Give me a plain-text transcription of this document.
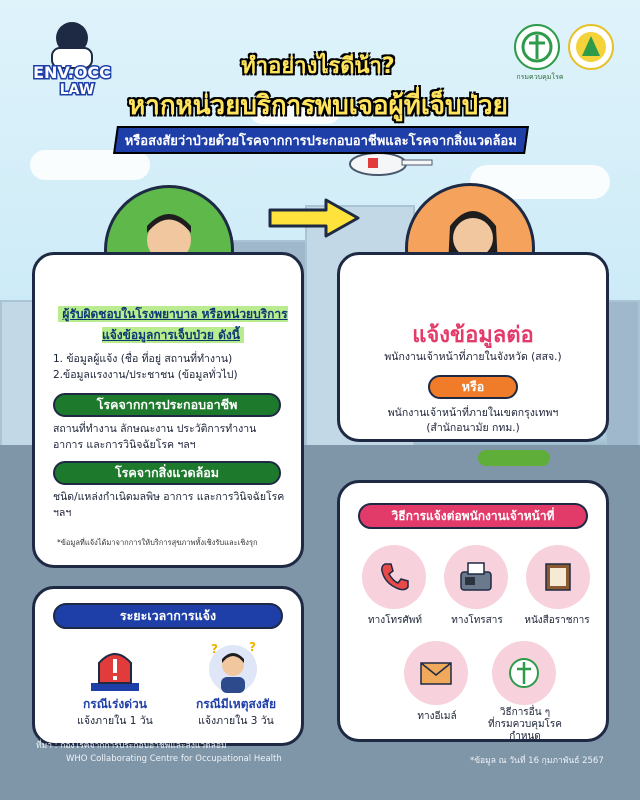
ENV.OCC
LAW
ทำอย่างไรดีน้า?
หากหน่วยบริการพบเจอผู้ที่เจ็บป่วย
หรือสงสัยว่าป่วยด้วยโรคจากการประกอบอาชีพและโรคจากสิ่งแวดล้อม
กรมควบคุมโรค
ผู้รับผิดชอบในโรงพยาบาล หรือหน่วยบริการ แจ้งข้อมูลการเจ็บป่วย ดังนี้
1. ข้อมูลผู้แจ้ง (ชื่อ ที่อยู่ สถานที่ทำงาน)
2.ข้อมูลแรงงาน/ประชาชน (ข้อมูลทั่วไป)
โรคจากการประกอบอาชีพ
สถานที่ทำงาน ลักษณะงาน ประวัติการทำงาน อาการ และการวินิจฉัยโรค ฯลฯ
โรคจากสิ่งแวดล้อม
ชนิด/แหล่งกำเนิดมลพิษ อาการ และการวินิจฉัยโรค ฯลฯ
*ข้อมูลที่แจ้งได้มาจากการให้บริการสุขภาพทั้งเชิงรับและเชิงรุก
แจ้งข้อมูลต่อ
พนักงานเจ้าหน้าที่ภายในจังหวัด (สสจ.)
หรือ
พนักงานเจ้าหน้าที่ภายในเขตกรุงเทพฯ
(สำนักอนามัย กทม.)
วิธีการแจ้งต่อพนักงานเจ้าหน้าที่
ทางโทรศัพท์	ทางโทรสาร	หนังสือราชการ
ทางอีเมล์	วิธีการอื่น ๆ
ที่กรมควบคุมโรค
กำหนด
ระยะเวลาการแจ้ง
กรณีเร่งด่วน
แจ้งภายใน 1 วัน
?	?
กรณีมีเหตุสงสัย
แจ้งภายใน 3 วัน
ที่มา : กองโรคจากการประกอบอาชีพและสิ่งแวดล้อม
WHO Collaborating Centre for Occupational Health	*ข้อมูล ณ วันที่ 16 กุมภาพันธ์ 2567
